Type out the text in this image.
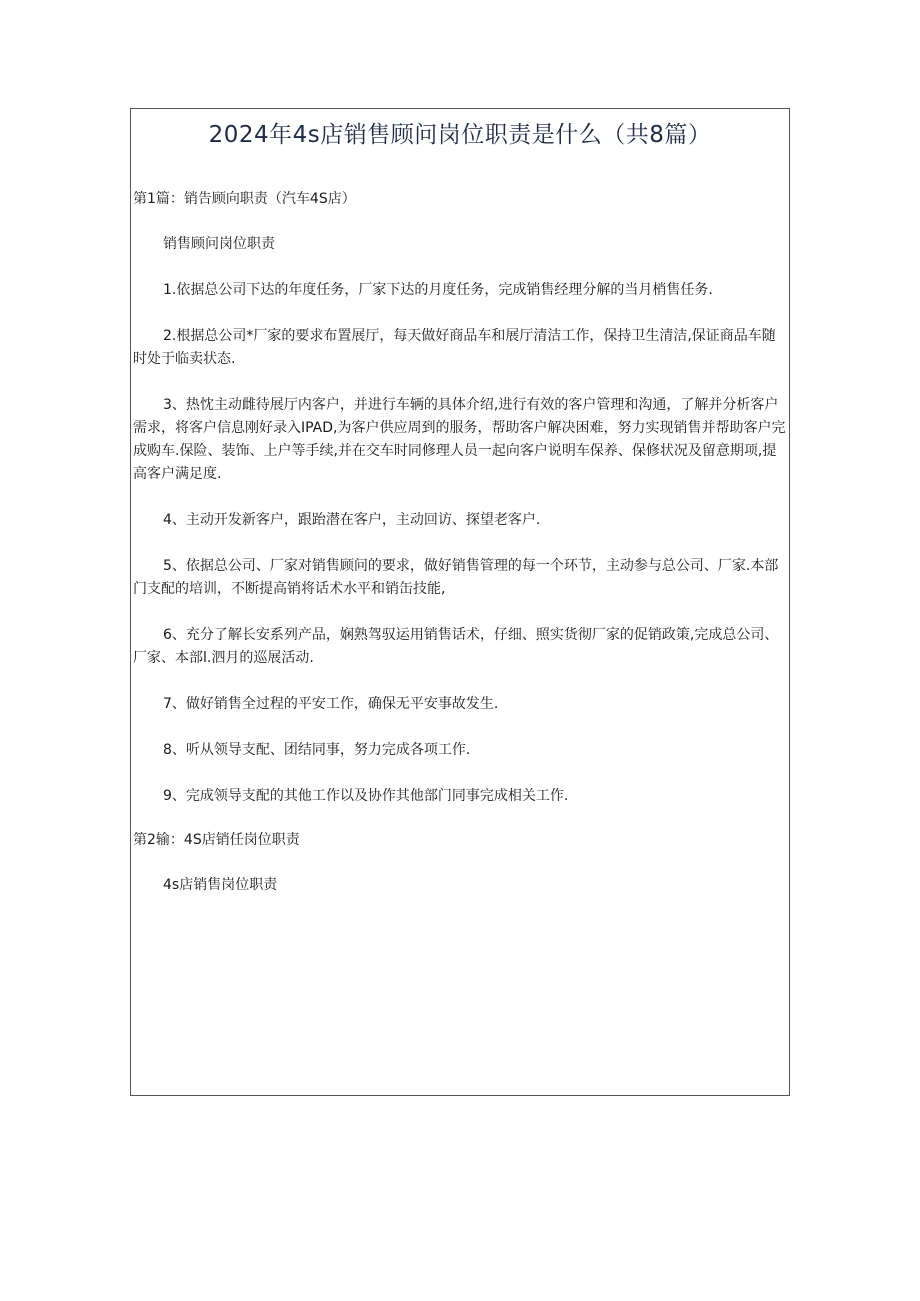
2024年4s店销售顾问岗位职责是什么（共8篇）

第1篇：销告顾向职责（汽车4S店）

销售顾问岗位职责

1.依据总公司下达的年度任务，厂家下达的月度任务，完成销售经理分解的当月梢售任务.

2.根据总公司*厂家的要求布置展厅，每天做好商品车和展厅清洁工作，保持卫生清洁,保证商品车随时处于临卖状态.

3、热忱主动雌待展厅内客户，并进行车辆的具体介绍,进行有效的客户管理和沟通，了解并分析客户需求，将客户信息刚好录入IPAD,为客户供应周到的服务，帮助客户解决困难，努力实现销售并帮助客户完成购车.保险、装饰、上户等手续,并在交车时同修理人员一起向客户说明车保养、保修状况及留意期项,提高客户满足度.

4、主动开发新客户，跟跆潜在客户，主动回访、探望老客户.

5、依据总公司、厂家对销售顾问的要求，做好销售管理的每一个环节，主动参与总公司、厂家.本部门支配的培训，不断提高销将话术水平和销缶技能,

6、充分了解长安系列产品，娴熟驾驭运用销售话术，仔细、照实货彻厂家的促销政策,完成总公司、厂家、本部l.泗月的巡展活动.

7、做好销售全过程的平安工作，确保无平安事故发生.

8、听从领导支配、团结同事，努力完成各项工作.

9、完成领导支配的其他工作以及协作其他部门同事完成相关工作.

第2输：4S店销任岗位职责

4s店销售岗位职责
